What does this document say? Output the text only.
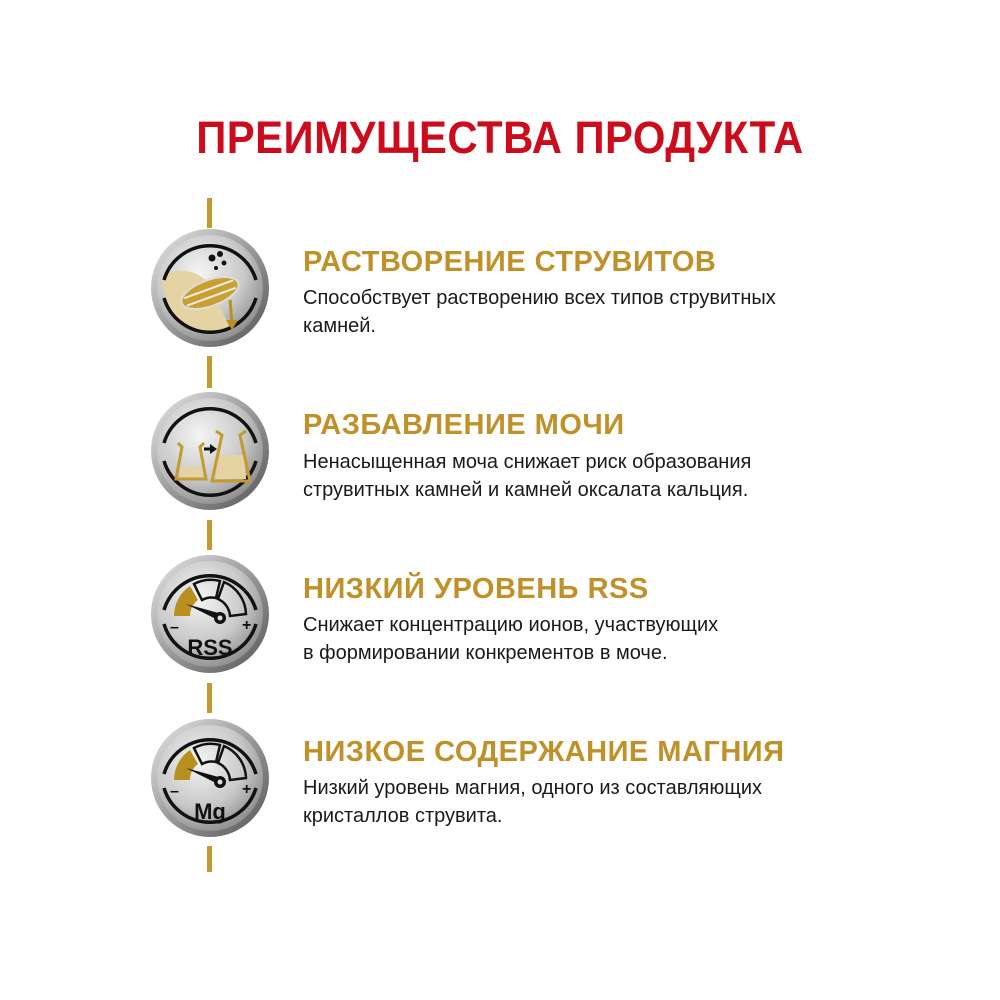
ПРЕИМУЩЕСТВА ПРОДУКТА
РАСТВОРЕНИЕ СТРУВИТОВ
Способствует растворению всех типов струвитных
камней.
РАЗБАВЛЕНИЕ МОЧИ
Ненасыщенная моча снижает риск образования
струвитных камней и камней оксалата кальция.
–	+
RSS
НИЗКИЙ УРОВЕНЬ RSS
Снижает концентрацию ионов, участвующих
в формировании конкрементов в моче.
–	+
Mg
НИЗКОЕ СОДЕРЖАНИЕ МАГНИЯ
Низкий уровень магния, одного из составляющих
кристаллов струвита.
